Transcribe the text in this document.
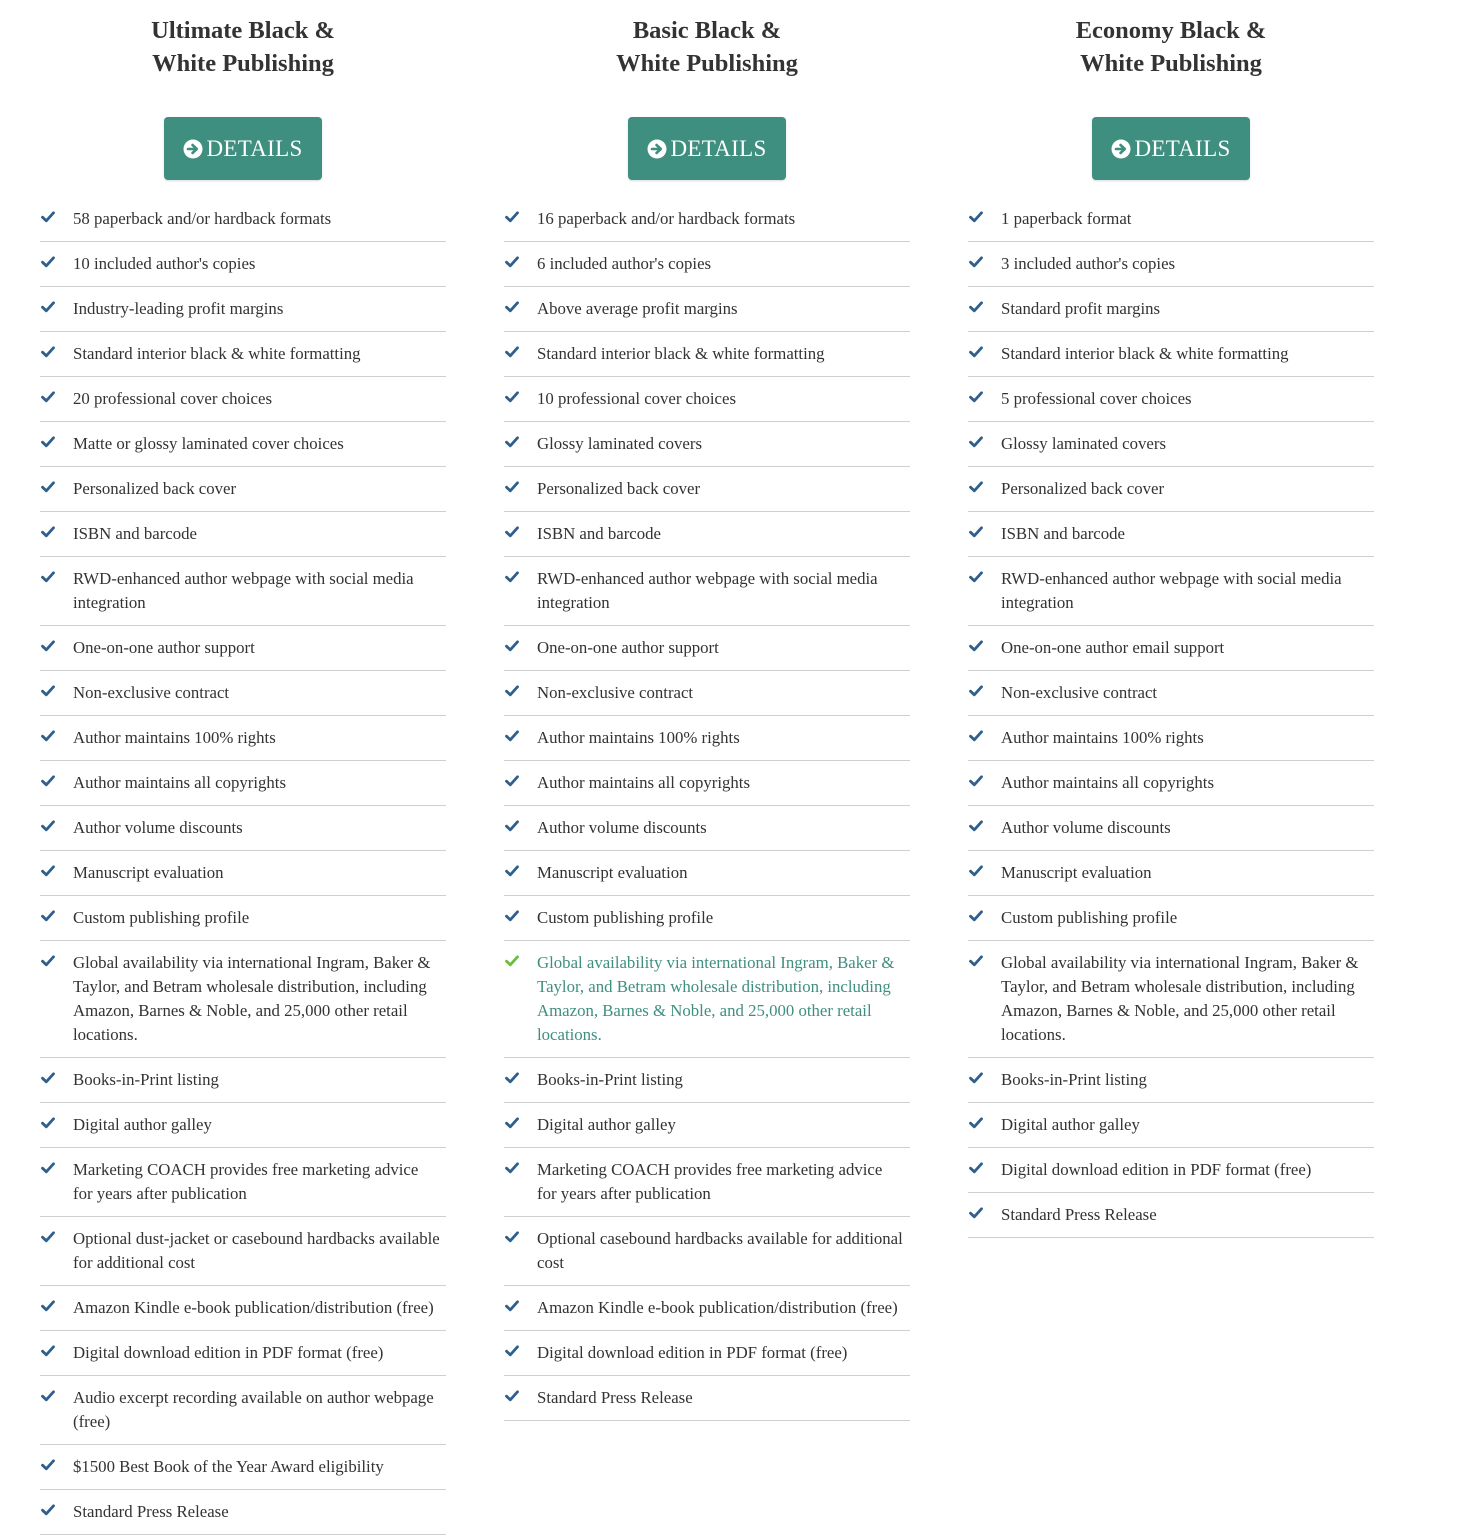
Ultimate Black &
White Publishing
DETAILS
58 paperback and/or hardback formats
10 included author's copies
Industry-leading profit margins
Standard interior black & white formatting
20 professional cover choices
Matte or glossy laminated cover choices
Personalized back cover
ISBN and barcode
RWD-enhanced author webpage with social media integration
One-on-one author support
Non-exclusive contract
Author maintains 100% rights
Author maintains all copyrights
Author volume discounts
Manuscript evaluation
Custom publishing profile
Global availability via international Ingram, Baker & Taylor, and Betram wholesale distribution, including Amazon, Barnes & Noble, and 25,000 other retail locations.
Books-in-Print listing
Digital author galley
Marketing COACH provides free marketing advice for years after publication
Optional dust-jacket or casebound hardbacks available for additional cost
Amazon Kindle e-book publication/distribution (free)
Digital download edition in PDF format (free)
Audio excerpt recording available on author webpage (free)
$1500 Best Book of the Year Award eligibility
Standard Press Release
Basic Black &
White Publishing
DETAILS
16 paperback and/or hardback formats
6 included author's copies
Above average profit margins
Standard interior black & white formatting
10 professional cover choices
Glossy laminated covers
Personalized back cover
ISBN and barcode
RWD-enhanced author webpage with social media integration
One-on-one author support
Non-exclusive contract
Author maintains 100% rights
Author maintains all copyrights
Author volume discounts
Manuscript evaluation
Custom publishing profile
Global availability via international Ingram, Baker & Taylor, and Betram wholesale distribution, including Amazon, Barnes & Noble, and 25,000 other retail locations.
Books-in-Print listing
Digital author galley
Marketing COACH provides free marketing advice for years after publication
Optional casebound hardbacks available for additional cost
Amazon Kindle e-book publication/distribution (free)
Digital download edition in PDF format (free)
Standard Press Release
Economy Black &
White Publishing
DETAILS
1 paperback format
3 included author's copies
Standard profit margins
Standard interior black & white formatting
5 professional cover choices
Glossy laminated covers
Personalized back cover
ISBN and barcode
RWD-enhanced author webpage with social media integration
One-on-one author email support
Non-exclusive contract
Author maintains 100% rights
Author maintains all copyrights
Author volume discounts
Manuscript evaluation
Custom publishing profile
Global availability via international Ingram, Baker & Taylor, and Betram wholesale distribution, including Amazon, Barnes & Noble, and 25,000 other retail locations.
Books-in-Print listing
Digital author galley
Digital download edition in PDF format (free)
Standard Press Release
